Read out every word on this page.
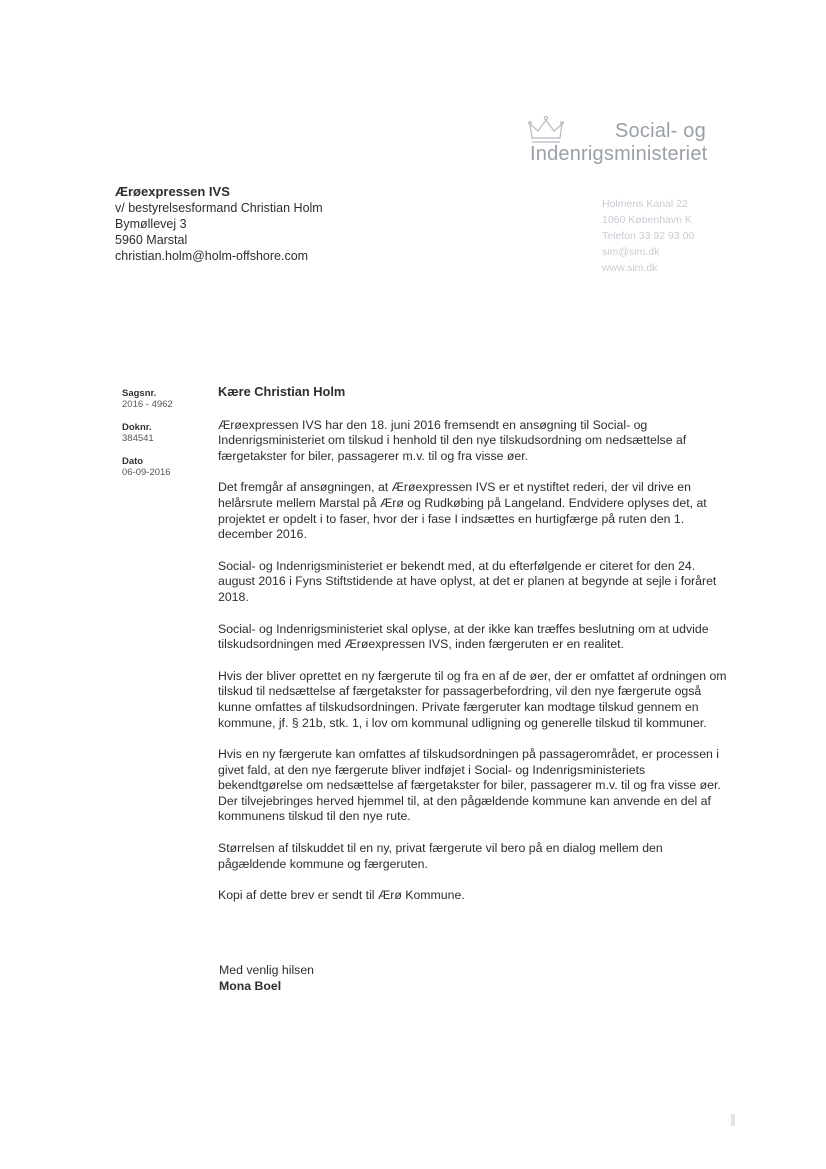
Social- og
Indenrigsministeriet
Holmens Kanal 22
1060 København K
Telefon 33 92 93 00
sim@sim.dk
www.sim.dk
Ærøexpressen IVS
v/ bestyrelsesformand Christian Holm
Bymøllevej 3
5960 Marstal
christian.holm@holm-offshore.com
Sagsnr.
2016 - 4962
Doknr.
384541
Dato
06-09-2016
Kære Christian Holm

Ærøexpressen IVS har den 18. juni 2016 fremsendt en ansøgning til Social- og Indenrigsministeriet om tilskud i henhold til den nye tilskudsordning om nedsættelse af færgetakster for biler, passagerer m.v. til og fra visse øer.

Det fremgår af ansøgningen, at Ærøexpressen IVS er et nystiftet rederi, der vil drive en helårsrute mellem Marstal på Ærø og Rudkøbing på Langeland. Endvidere oplyses det, at projektet er opdelt i to faser, hvor der i fase I indsættes en hurtigfærge på ruten den 1. december 2016.

Social- og Indenrigsministeriet er bekendt med, at du efterfølgende er citeret for den 24. august 2016 i Fyns Stiftstidende at have oplyst, at det er planen at begynde at sejle i foråret 2018.

Social- og Indenrigsministeriet skal oplyse, at der ikke kan træffes beslutning om at udvide tilskudsordningen med Ærøexpressen IVS, inden færgeruten er en realitet.

Hvis der bliver oprettet en ny færgerute til og fra en af de øer, der er omfattet af ordningen om tilskud til nedsættelse af færgetakster for passagerbefordring, vil den nye færgerute også kunne omfattes af tilskudsordningen. Private færgeruter kan modtage tilskud gennem en kommune, jf. § 21b, stk. 1, i lov om kommunal udligning og generelle tilskud til kommuner.

Hvis en ny færgerute kan omfattes af tilskudsordningen på passagerområdet, er processen i givet fald, at den nye færgerute bliver indføjet i Social- og Indenrigsministeriets bekendtgørelse om nedsættelse af færgetakster for biler, passagerer m.v. til og fra visse øer. Der tilvejebringes herved hjemmel til, at den pågældende kommune kan anvende en del af kommunens tilskud til den nye rute.

Størrelsen af tilskuddet til en ny, privat færgerute vil bero på en dialog mellem den pågældende kommune og færgeruten.

Kopi af dette brev er sendt til Ærø Kommune.

Med venlig hilsen
Mona Boel
